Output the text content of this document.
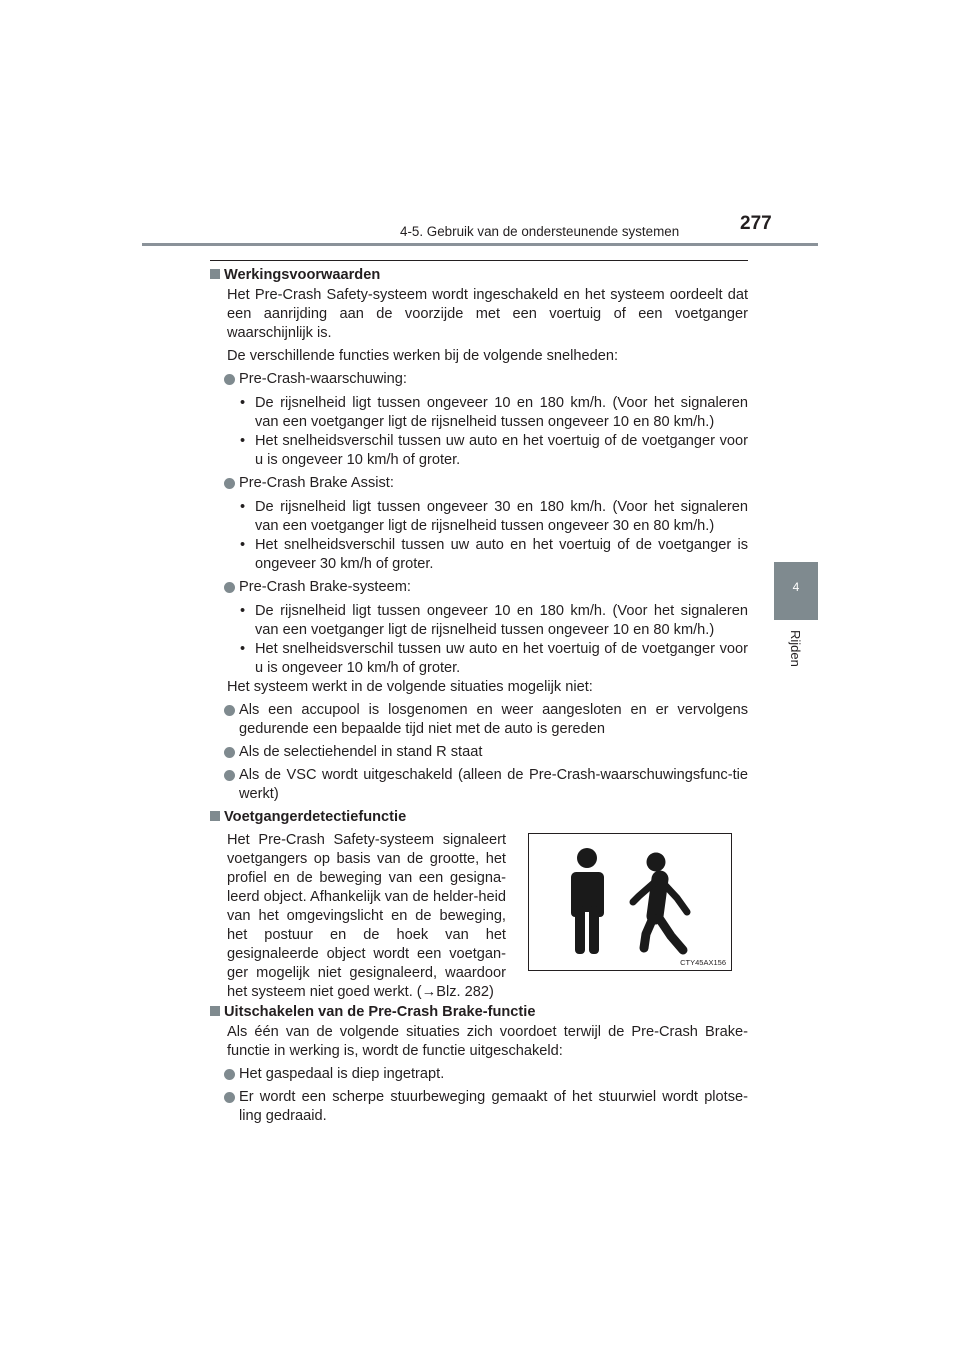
4-5. Gebruik van de ondersteunende systemen	277
4
Rijden
Werkingsvoorwaarden
Het Pre-Crash Safety-systeem wordt ingeschakeld en het systeem oordeelt dat een aanrijding aan de voorzijde met een voertuig of een voetganger waarschijnlijk is.
De verschillende functies werken bij de volgende snelheden:
Pre-Crash-waarschuwing:
• De rijsnelheid ligt tussen ongeveer 10 en 180 km/h. (Voor het signaleren van een voetganger ligt de rijsnelheid tussen ongeveer 10 en 80 km/h.)
• Het snelheidsverschil tussen uw auto en het voertuig of de voetganger voor u is ongeveer 10 km/h of groter.
Pre-Crash Brake Assist:
• De rijsnelheid ligt tussen ongeveer 30 en 180 km/h. (Voor het signaleren van een voetganger ligt de rijsnelheid tussen ongeveer 30 en 80 km/h.)
• Het snelheidsverschil tussen uw auto en het voertuig of de voetganger is ongeveer 30 km/h of groter.
Pre-Crash Brake-systeem:
• De rijsnelheid ligt tussen ongeveer 10 en 180 km/h. (Voor het signaleren van een voetganger ligt de rijsnelheid tussen ongeveer 10 en 80 km/h.)
• Het snelheidsverschil tussen uw auto en het voertuig of de voetganger voor u is ongeveer 10 km/h of groter.
Het systeem werkt in de volgende situaties mogelijk niet:
Als een accupool is losgenomen en weer aangesloten en er vervolgens gedurende een bepaalde tijd niet met de auto is gereden
Als de selectiehendel in stand R staat
Als de VSC wordt uitgeschakeld (alleen de Pre-Crash-waarschuwingsfunc-tie werkt)
Voetgangerdetectiefunctie
Het Pre-Crash Safety-systeem signaleert voetgangers op basis van de grootte, het profiel en de beweging van een gesigna-leerd object. Afhankelijk van de helder-heid van het omgevingslicht en de beweging, het postuur en de hoek van het gesignaleerde object wordt een voetgan-ger mogelijk niet gesignaleerd, waardoor het systeem niet goed werkt. (→Blz. 282)
CTY45AX156
Uitschakelen van de Pre-Crash Brake-functie
Als één van de volgende situaties zich voordoet terwijl de Pre-Crash Brake-functie in werking is, wordt de functie uitgeschakeld:
Het gaspedaal is diep ingetrapt.
Er wordt een scherpe stuurbeweging gemaakt of het stuurwiel wordt plotse-ling gedraaid.
